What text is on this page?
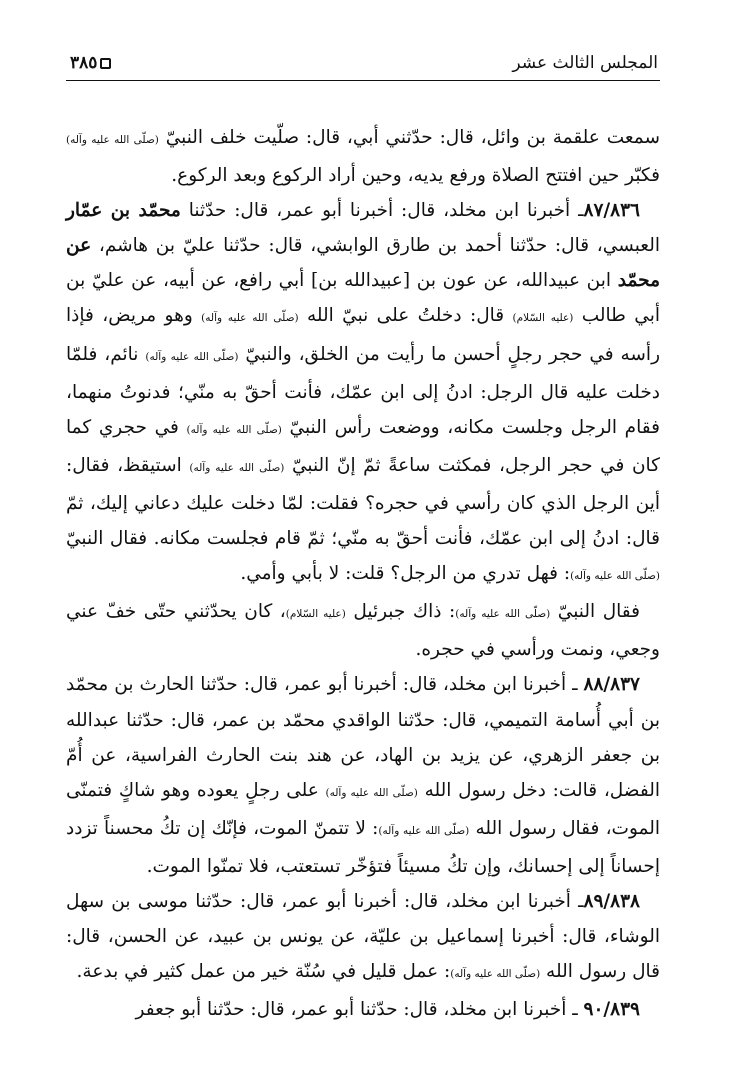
المجلس الثالث عشر
٣٨٥

سمعت علقمة بن وائل، قال: حدّثني أبي، قال: صلّيت خلف النبيّ (صلّى الله عليه وآله) فكبّر حين افتتح الصلاة ورفع يديه، وحين أراد الركوع وبعد الركوع.

٨٧/٨٣٦ـ أخبرنا ابن مخلد، قال: أخبرنا أبو عمر، قال: حدّثنا محمّد بن عمّار العبسي، قال: حدّثنا أحمد بن طارق الوابشي، قال: حدّثنا عليّ بن هاشم، عن محمّد ابن عبيدالله، عن عون بن [عبيدالله بن] أبي رافع، عن أبيه، عن عليّ بن أبي طالب (عليه السّلام) قال: دخلتُ على نبيّ الله (صلّى الله عليه وآله) وهو مريض، فإذا رأسه في حجر رجلٍ أحسن ما رأيت من الخلق، والنبيّ (صلّى الله عليه وآله) نائم، فلمّا دخلت عليه قال الرجل: ادنُ إلى ابن عمّك، فأنت أحقّ به منّي؛ فدنوتُ منهما، فقام الرجل وجلست مكانه، ووضعت رأس النبيّ (صلّى الله عليه وآله) في حجري كما كان في حجر الرجل، فمكثت ساعةً ثمّ إنّ النبيّ (صلّى الله عليه وآله) استيقظ، فقال: أين الرجل الذي كان رأسي في حجره؟ فقلت: لمّا دخلت عليك دعاني إليك، ثمّ قال: ادنُ إلى ابن عمّك، فأنت أحقّ به منّي؛ ثمّ قام فجلست مكانه. فقال النبيّ (صلّى الله عليه وآله): فهل تدري من الرجل؟ قلت: لا بأبي وأمي.

فقال النبيّ (صلّى الله عليه وآله): ذاك جبرئيل (عليه السّلام)، كان يحدّثني حتّى خفّ عني وجعي، ونمت ورأسي في حجره.

٨٨/٨٣٧ ـ أخبرنا ابن مخلد، قال: أخبرنا أبو عمر، قال: حدّثنا الحارث بن محمّد بن أبي أُسامة التميمي، قال: حدّثنا الواقدي محمّد بن عمر، قال: حدّثنا عبدالله بن جعفر الزهري، عن يزيد بن الهاد، عن هند بنت الحارث الفراسية، عن أُمّ الفضل، قالت: دخل رسول الله (صلّى الله عليه وآله) على رجلٍ يعوده وهو شاكٍ فتمنّى الموت، فقال رسول الله (صلّى الله عليه وآله): لا تتمنّ الموت، فإنّك إن تكُ محسناً تزدد إحساناً إلى إحسانك، وإن تكُ مسيئاً فتؤخّر تستعتب، فلا تمنّوا الموت.

٨٩/٨٣٨ـ أخبرنا ابن مخلد، قال: أخبرنا أبو عمر، قال: حدّثنا موسى بن سهل الوشاء، قال: أخبرنا إسماعيل بن عليّة، عن يونس بن عبيد، عن الحسن، قال: قال رسول الله (صلّى الله عليه وآله): عمل قليل في سُنّة خير من عمل كثير في بدعة.

٩٠/٨٣٩ ـ أخبرنا ابن مخلد، قال: حدّثنا أبو عمر، قال: حدّثنا أبو جعفر
